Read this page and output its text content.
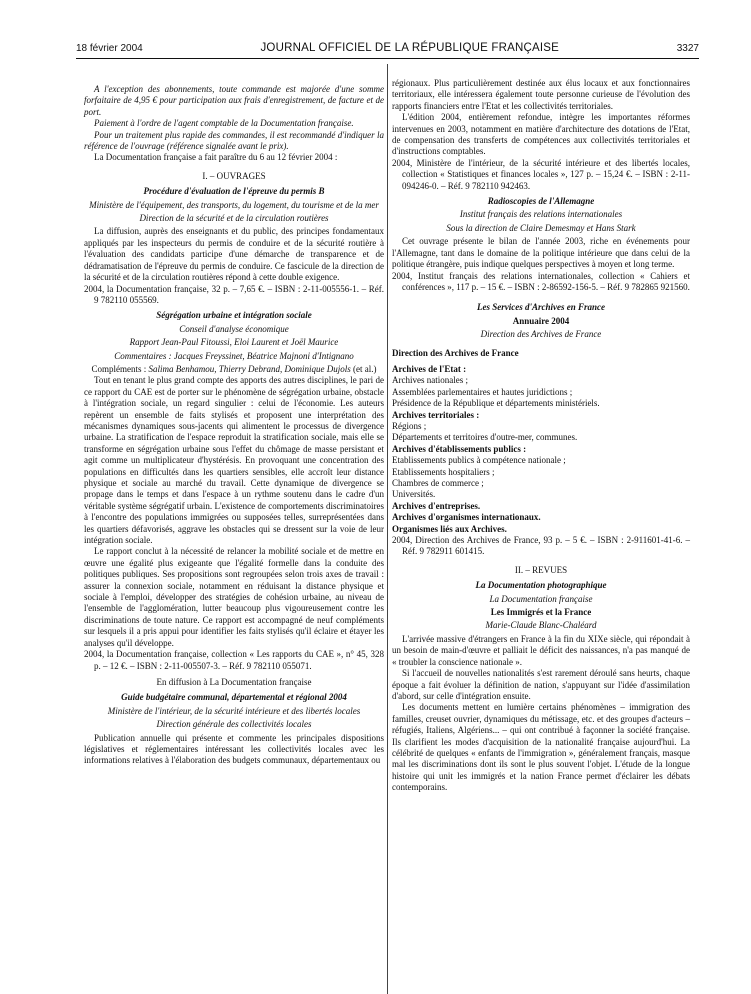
18 février 2004	JOURNAL OFFICIEL DE LA RÉPUBLIQUE FRANÇAISE	3327

A l'exception des abonnements, toute commande est majorée d'une somme forfaitaire de 4,95 € pour participation aux frais d'enregistrement, de facture et de port.

Paiement à l'ordre de l'agent comptable de la Documentation française.

Pour un traitement plus rapide des commandes, il est recommandé d'indiquer la référence de l'ouvrage (référence signalée avant le prix).

La Documentation française a fait paraître du 6 au 12 février 2004 :

I. – OUVRAGES

Procédure d'évaluation de l'épreuve du permis B

Ministère de l'équipement, des transports, du logement, du tourisme et de la mer

Direction de la sécurité et de la circulation routières

La diffusion, auprès des enseignants et du public, des principes fondamentaux appliqués par les inspecteurs du permis de conduire et de la sécurité routière à l'évaluation des candidats participe d'une démarche de transparence et de dédramatisation de l'épreuve du permis de conduire. Ce fascicule de la direction de la sécurité et de la circulation routières répond à cette double exigence.

2004, la Documentation française, 32 p. – 7,65 €. – ISBN : 2-11-005556-1. – Réf. 9 782110 055569.

Ségrégation urbaine et intégration sociale

Conseil d'analyse économique

Rapport Jean-Paul Fitoussi, Eloi Laurent et Joël Maurice

Commentaires : Jacques Freyssinet, Béatrice Majnoni d'Intignano

Compléments : Salima Benhamou, Thierry Debrand, Dominique Dujols (et al.)

Tout en tenant le plus grand compte des apports des autres disciplines, le pari de ce rapport du CAE est de porter sur le phénomène de ségrégation urbaine, obstacle à l'intégration sociale, un regard singulier : celui de l'économie. Les auteurs repèrent un ensemble de faits stylisés et proposent une interprétation des mécanismes dynamiques sous-jacents qui alimentent le processus de divergence urbaine. La stratification de l'espace reproduit la stratification sociale, mais elle se transforme en ségrégation urbaine sous l'effet du chômage de masse persistant et agit comme un multiplicateur d'hystérésis. En provoquant une concentration des populations en difficultés dans les quartiers sensibles, elle accroît leur distance physique et sociale au marché du travail. Cette dynamique de divergence se propage dans le temps et dans l'espace à un rythme soutenu dans le cadre d'un véritable système ségrégatif urbain. L'existence de comportements discriminatoires à l'encontre des populations immigrées ou supposées telles, surreprésentées dans les quartiers défavorisés, aggrave les obstacles qui se dressent sur la voie de leur intégration sociale.

Le rapport conclut à la nécessité de relancer la mobilité sociale et de mettre en œuvre une égalité plus exigeante que l'égalité formelle dans la conduite des politiques publiques. Ses propositions sont regroupées selon trois axes de travail : assurer la connexion sociale, notamment en réduisant la distance physique et sociale à l'emploi, développer des stratégies de cohésion urbaine, au niveau de l'ensemble de l'agglomération, lutter beaucoup plus vigoureusement contre les discriminations de toute nature. Ce rapport est accompagné de neuf compléments sur lesquels il a pris appui pour identifier les faits stylisés qu'il éclaire et étayer les analyses qu'il développe.

2004, la Documentation française, collection « Les rapports du CAE », n° 45, 328 p. – 12 €. – ISBN : 2-11-005507-3. – Réf. 9 782110 055071.

En diffusion à La Documentation française

Guide budgétaire communal, départemental et régional 2004

Ministère de l'intérieur, de la sécurité intérieure et des libertés locales

Direction générale des collectivités locales

Publication annuelle qui présente et commente les principales dispositions législatives et réglementaires intéressant les collectivités locales avec les informations relatives à l'élaboration des budgets communaux, départementaux ou

régionaux. Plus particulièrement destinée aux élus locaux et aux fonctionnaires territoriaux, elle intéressera également toute personne curieuse de l'évolution des rapports financiers entre l'Etat et les collectivités territoriales.

L'édition 2004, entièrement refondue, intègre les importantes réformes intervenues en 2003, notamment en matière d'architecture des dotations de l'Etat, de compensation des transferts de compétences aux collectivités territoriales et d'instructions comptables.

2004, Ministère de l'intérieur, de la sécurité intérieure et des libertés locales, collection « Statistiques et finances locales », 127 p. – 15,24 €. – ISBN : 2-11-094246-0. – Réf. 9 782110 942463.

Radioscopies de l'Allemagne

Institut français des relations internationales

Sous la direction de Claire Demesmay et Hans Stark

Cet ouvrage présente le bilan de l'année 2003, riche en événements pour l'Allemagne, tant dans le domaine de la politique intérieure que dans celui de la politique étrangère, puis indique quelques perspectives à moyen et long terme.

2004, Institut français des relations internationales, collection « Cahiers et conférences », 117 p. – 15 €. – ISBN : 2-86592-156-5. – Réf. 9 782865 921560.

Les Services d'Archives en France

Annuaire 2004

Direction des Archives de France

Direction des Archives de France

Archives de l'Etat :

Archives nationales ;

Assemblées parlementaires et hautes juridictions ;

Présidence de la République et départements ministériels.

Archives territoriales :

Régions ;

Départements et territoires d'outre-mer, communes.

Archives d'établissements publics :

Etablissements publics à compétence nationale ;

Etablissements hospitaliers ;

Chambres de commerce ;

Universités.

Archives d'entreprises.

Archives d'organismes internationaux.

Organismes liés aux Archives.

2004, Direction des Archives de France, 93 p. – 5 €. – ISBN : 2-911601-41-6. – Réf. 9 782911 601415.

II. – REVUES

La Documentation photographique

La Documentation française

Les Immigrés et la France

Marie-Claude Blanc-Chaléard

L'arrivée massive d'étrangers en France à la fin du XIXe siècle, qui répondait à un besoin de main-d'œuvre et palliait le déficit des naissances, n'a pas manqué de « troubler la conscience nationale ».

Si l'accueil de nouvelles nationalités s'est rarement déroulé sans heurts, chaque époque a fait évoluer la définition de nation, s'appuyant sur l'idée d'assimilation d'abord, sur celle d'intégration ensuite.

Les documents mettent en lumière certains phénomènes – immigration des familles, creuset ouvrier, dynamiques du métissage, etc. et des groupes d'acteurs – réfugiés, Italiens, Algériens... – qui ont contribué à façonner la société française. Ils clarifient les modes d'acquisition de la nationalité française aujourd'hui. La célébrité de quelques « enfants de l'immigration », généralement français, masque mal les discriminations dont ils sont le plus souvent l'objet. L'étude de la longue histoire qui unit les immigrés et la nation France permet d'éclairer les débats contemporains.
